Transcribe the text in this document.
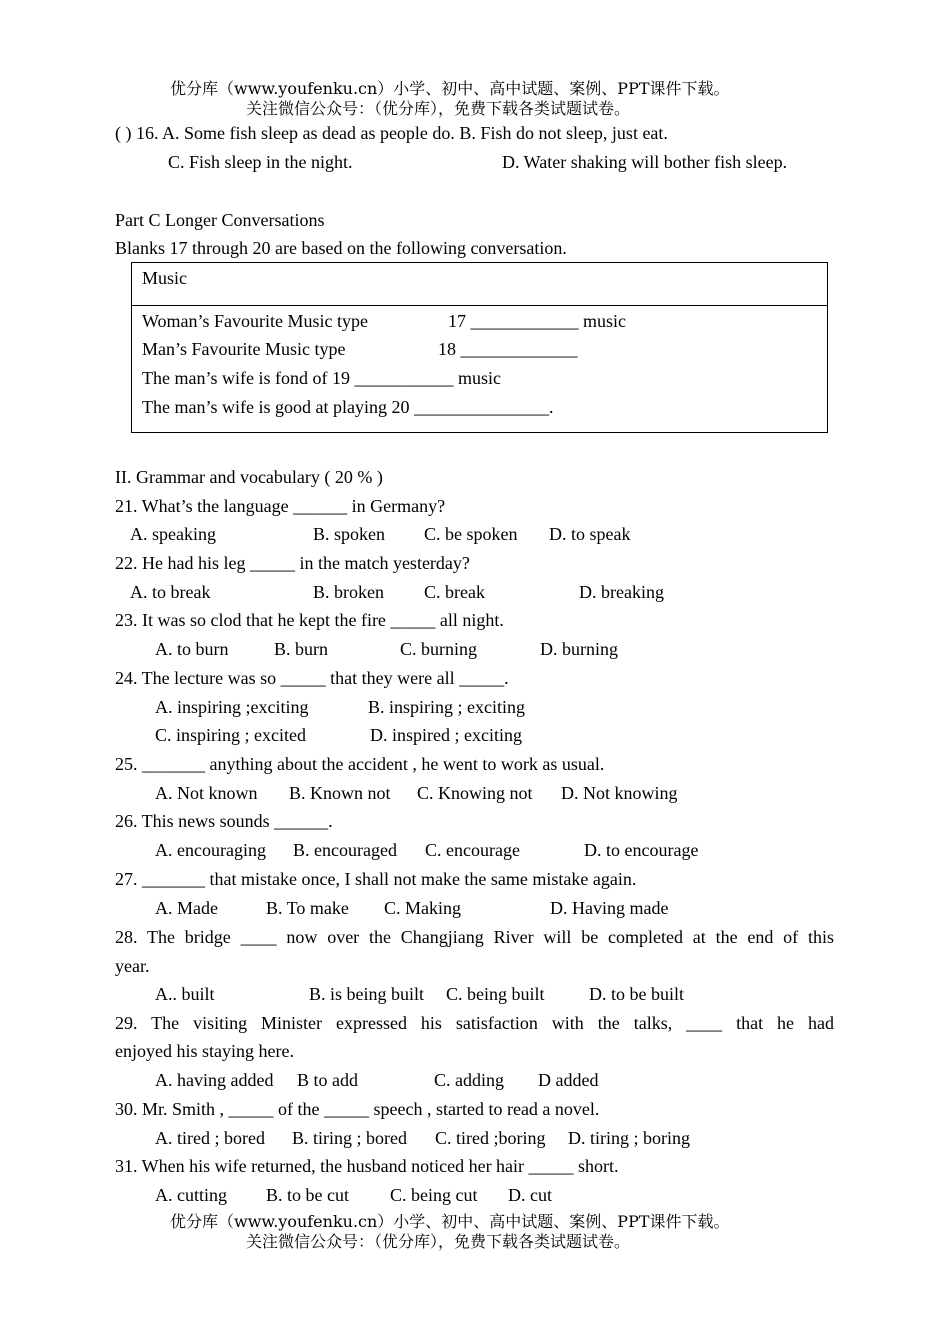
优分库（www.youfenku.cn）小学、初中、高中试题、案例、PPT课件下载。
关注微信公众号：（优分库），免费下载各类试题试卷。
( ) 16. A. Some fish sleep as dead as people do. B. Fish do not sleep, just eat.
C. Fish sleep in the night.	D. Water shaking will bother fish sleep.
Part C Longer Conversations
Blanks 17 through 20 are based on the following conversation.
Music
Woman’s Favourite Music type	17 ____________ music
Man’s Favourite Music type	18 _____________
The man’s wife is fond of 19 ___________ music
The man’s wife is good at playing 20 _______________.
II. Grammar and vocabulary ( 20 % )
21. What’s the language ______ in Germany?
A. speaking	B. spoken C. be spoken D. to speak
22. He had his leg _____ in the match yesterday?
A. to break	B. broken C. break	D. breaking
23. It was so clod that he kept the fire _____ all night.
A. to burn	B. burn	C. burning	D. burning
24. The lecture was so _____ that they were all _____.
A. inspiring ;exciting	B. inspiring ; exciting
C. inspiring ; excited	D. inspired ; exciting
25. _______ anything about the accident , he went to work as usual.
A. Not known B. Known not C. Knowing not D. Not knowing
26. This news sounds ______.
A. encouraging B. encouraged C. encourage	D. to encourage
27. _______ that mistake once, I shall not make the same mistake again.
A. Made	B. To make C. Making	D. Having made
28. The bridge ____ now over the Changjiang River will be completed at the end of this
year.
A.. built	B. is being built C. being built D. to be built
29. The visiting Minister expressed his satisfaction with the talks, ____ that he had
enjoyed his staying here.
A. having added B to add	C. adding D added
30. Mr. Smith , _____ of the _____ speech , started to read a novel.
A. tired ; bored B. tiring ; bored C. tired ;boring D. tiring ; boring
31. When his wife returned, the husband noticed her hair _____ short.
A. cutting B. to be cut C. being cut D. cut
优分库（www.youfenku.cn）小学、初中、高中试题、案例、PPT课件下载。
关注微信公众号：（优分库），免费下载各类试题试卷。
